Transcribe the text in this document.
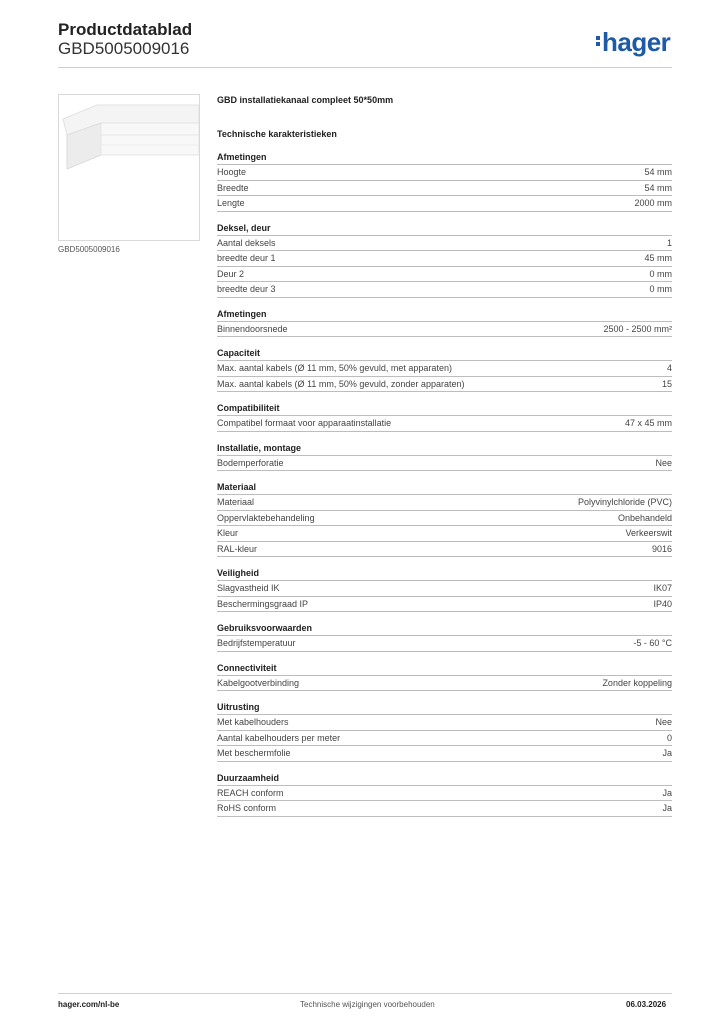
Productdatablad
GBD5005009016	hager
GBD5005009016
GBD installatiekanaal compleet 50*50mm
Technische karakteristieken
Afmetingen
Hoogte	54 mm
Breedte	54 mm
Lengte	2000 mm
Deksel, deur
Aantal deksels	1
breedte deur 1	45 mm
Deur 2	0 mm
breedte deur 3	0 mm
Afmetingen
Binnendoorsnede	2500 - 2500 mm²
Capaciteit
Max. aantal kabels (Ø 11 mm, 50% gevuld, met apparaten)	4
Max. aantal kabels (Ø 11 mm, 50% gevuld, zonder apparaten)	15
Compatibiliteit
Compatibel formaat voor apparaatinstallatie	47 x 45 mm
Installatie, montage
Bodemperforatie	Nee
Materiaal
Materiaal	Polyvinylchloride (PVC)
Oppervlaktebehandeling	Onbehandeld
Kleur	Verkeerswit
RAL-kleur	9016
Veiligheid
Slagvastheid IK	IK07
Beschermingsgraad IP	IP40
Gebruiksvoorwaarden
Bedrijfstemperatuur	-5 - 60 °C
Connectiviteit
Kabelgootverbinding	Zonder koppeling
Uitrusting
Met kabelhouders	Nee
Aantal kabelhouders per meter	0
Met beschermfolie	Ja
Duurzaamheid
REACH conform	Ja
RoHS conform	Ja
hager.com/nl-be	Technische wijzigingen voorbehouden	06.03.2026
